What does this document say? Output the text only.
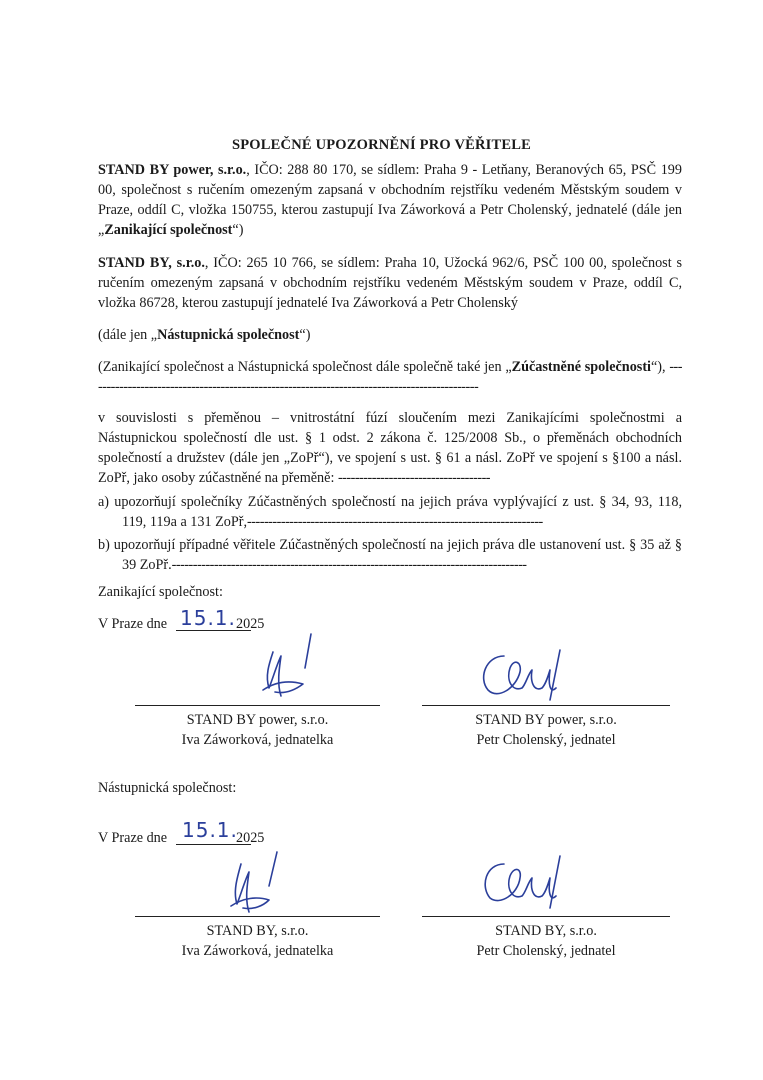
SPOLEČNÉ UPOZORNĚNÍ PRO VĚŘITELE
STAND BY power, s.r.o., IČO: 288 80 170, se sídlem: Praha 9 - Letňany, Beranových 65, PSČ 199 00, společnost s ručením omezeným zapsaná v obchodním rejstříku vedeném Městským soudem v Praze, oddíl C, vložka 150755, kterou zastupují Iva Záworková a Petr Cholenský, jednatelé (dále jen „Zanikající společnost“)
STAND BY, s.r.o., IČO: 265 10 766, se sídlem: Praha 10, Užocká 962/6, PSČ 100 00, společnost s ručením omezeným zapsaná v obchodním rejstříku vedeném Městským soudem v Praze, oddíl C, vložka 86728, kterou zastupují jednatelé Iva Záworková a Petr Cholenský
(dále jen „Nástupnická společnost“)
(Zanikající společnost a Nástupnická společnost dále společně také jen „Zúčastněné společnosti“), ---------------------------------------------------------------------------------------------
v souvislosti s přeměnou – vnitrostátní fúzí sloučením mezi Zanikajícími společnostmi a Nástupnickou společností dle ust. § 1 odst. 2 zákona č. 125/2008 Sb., o přeměnách obchodních společností a družstev (dále jen „ZoPř“), ve spojení s ust. § 61 a násl. ZoPř ve spojení s §100 a násl. ZoPř, jako osoby zúčastněné na přeměně: ------------------------------------
a) upozorňují společníky Zúčastněných společností na jejich práva vyplývající z ust. § 34, 93, 118, 119, 119a a 131 ZoPř,----------------------------------------------------------------------
b) upozorňují případné věřitele Zúčastněných společností na jejich práva dle ustanovení ust. § 35 až § 39 ZoPř.------------------------------------------------------------------------------------
Zanikající společnost:
V Praze dne 15.1. 2025
STAND BY power, s.r.o.
Iva Záworková, jednatelka
STAND BY power, s.r.o.
Petr Cholenský, jednatel
Nástupnická společnost:
V Praze dne 15.1.
2025
STAND BY, s.r.o.
Iva Záworková, jednatelka
STAND BY, s.r.o.
Petr Cholenský, jednatel
